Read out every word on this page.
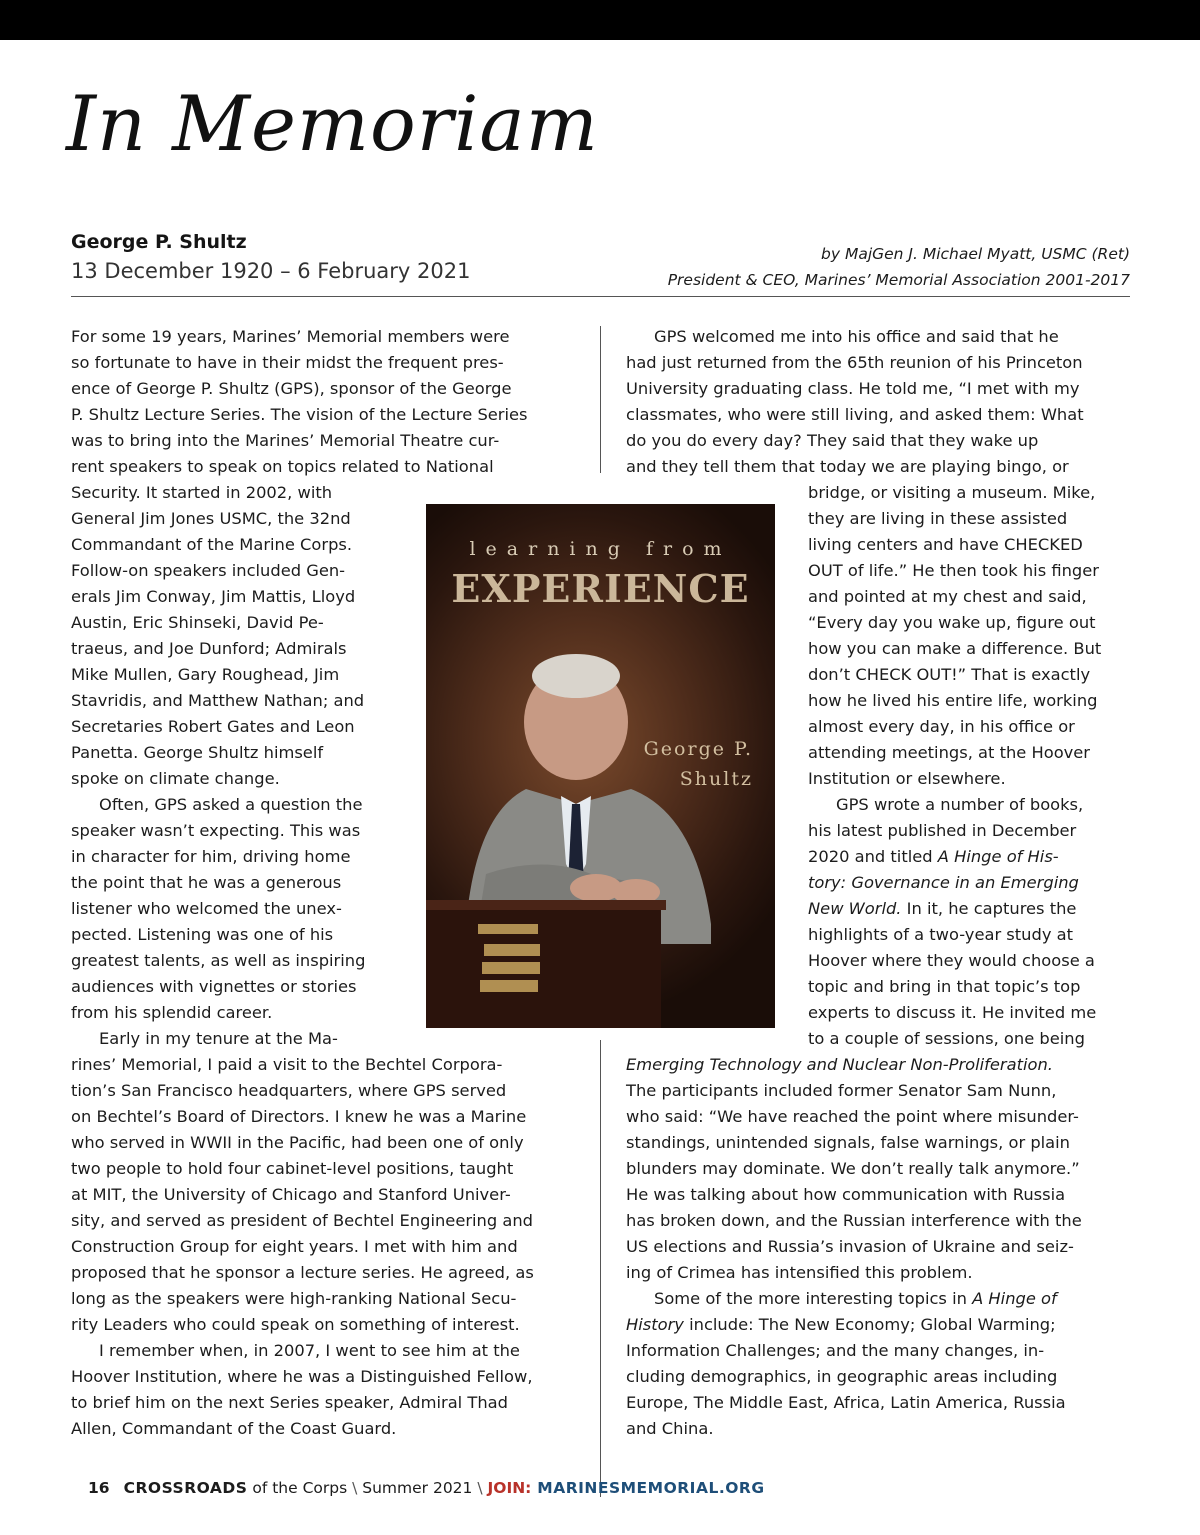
In Memoriam
George P. Shultz
13 December 1920 – 6 February 2021
by MajGen J. Michael Myatt, USMC (Ret)
President & CEO, Marines’ Memorial Association 2001-2017
For some 19 years, Marines’ Memorial members were
so fortunate to have in their midst the frequent pres-
ence of George P. Shultz (GPS), sponsor of the George
P. Shultz Lecture Series. The vision of the Lecture Series
was to bring into the Marines’ Memorial Theatre cur-
rent speakers to speak on topics related to National
Security. It started in 2002, with
General Jim Jones USMC, the 32nd
Commandant of the Marine Corps.
Follow-on speakers included Gen-
erals Jim Conway, Jim Mattis, Lloyd
Austin, Eric Shinseki, David Pe-
traeus, and Joe Dunford; Admirals
Mike Mullen, Gary Roughead, Jim
Stavridis, and Matthew Nathan; and
Secretaries Robert Gates and Leon
Panetta. George Shultz himself
spoke on climate change.
Often, GPS asked a question the
speaker wasn’t expecting. This was
in character for him, driving home
the point that he was a generous
listener who welcomed the unex-
pected. Listening was one of his
greatest talents, as well as inspiring
audiences with vignettes or stories
from his splendid career.
Early in my tenure at the Ma-
rines’ Memorial, I paid a visit to the Bechtel Corpora-
tion’s San Francisco headquarters, where GPS served
on Bechtel’s Board of Directors. I knew he was a Marine
who served in WWII in the Pacific, had been one of only
two people to hold four cabinet-level positions, taught
at MIT, the University of Chicago and Stanford Univer-
sity, and served as president of Bechtel Engineering and
Construction Group for eight years. I met with him and
proposed that he sponsor a lecture series. He agreed, as
long as the speakers were high-ranking National Secu-
rity Leaders who could speak on something of interest.
I remember when, in 2007, I went to see him at the
Hoover Institution, where he was a Distinguished Fellow,
to brief him on the next Series speaker, Admiral Thad
Allen, Commandant of the Coast Guard.
GPS welcomed me into his office and said that he
had just returned from the 65th reunion of his Princeton
University graduating class. He told me, “I met with my
classmates, who were still living, and asked them: What
do you do every day? They said that they wake up
and they tell them that today we are playing bingo, or
bridge, or visiting a museum. Mike,
they are living in these assisted
living centers and have CHECKED
OUT of life.” He then took his finger
and pointed at my chest and said,
“Every day you wake up, figure out
how you can make a difference. But
don’t CHECK OUT!” That is exactly
how he lived his entire life, working
almost every day, in his office or
attending meetings, at the Hoover
Institution or elsewhere.
GPS wrote a number of books,
his latest published in December
2020 and titled A Hinge of His-
tory: Governance in an Emerging
New World. In it, he captures the
highlights of a two-year study at
Hoover where they would choose a
topic and bring in that topic’s top
experts to discuss it. He invited me
to a couple of sessions, one being
Emerging Technology and Nuclear Non-Proliferation.
The participants included former Senator Sam Nunn,
who said: “We have reached the point where misunder-
standings, unintended signals, false warnings, or plain
blunders may dominate. We don’t really talk anymore.”
He was talking about how communication with Russia
has broken down, and the Russian interference with the
US elections and Russia’s invasion of Ukraine and seiz-
ing of Crimea has intensified this problem.
Some of the more interesting topics in A Hinge of
History include: The New Economy; Global Warming;
Information Challenges; and the many changes, in-
cluding demographics, in geographic areas including
Europe, The Middle East, Africa, Latin America, Russia
and China.
learning from
EXPERIENCE
George P.
Shultz
16 CROSSROADS of the Corps \ Summer 2021 \ JOIN: MARINESMEMORIAL.ORG
